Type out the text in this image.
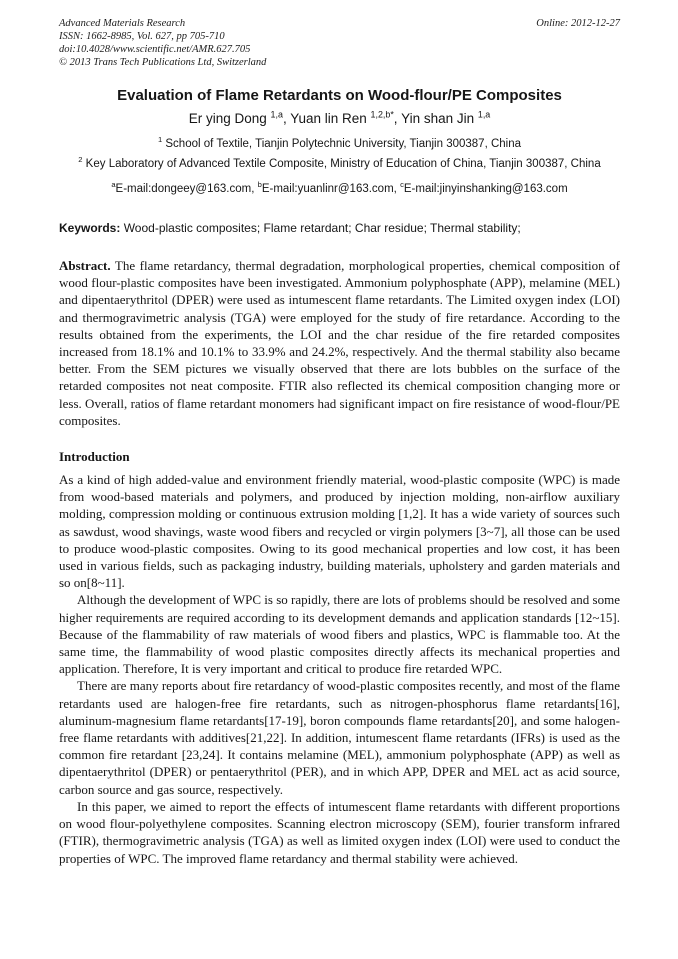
Advanced Materials Research
ISSN: 1662-8985, Vol. 627, pp 705-710
doi:10.4028/www.scientific.net/AMR.627.705
© 2013 Trans Tech Publications Ltd, Switzerland
Online: 2012-12-27
Evaluation of Flame Retardants on Wood-flour/PE Composites
Er ying Dong $^{1,a}$, Yuan lin Ren $^{1,2,b*}$, Yin shan Jin $^{1,a}$
$^1$ School of Textile, Tianjin Polytechnic University, Tianjin 300387, China
$^2$ Key Laboratory of Advanced Textile Composite, Ministry of Education of China, Tianjin 300387, China
$^a$E-mail:dongeey@163.com, $^b$E-mail:yuanlinr@163.com, $^c$E-mail:jinyinshanking@163.com
Keywords: Wood-plastic composites; Flame retardant; Char residue; Thermal stability;
Abstract. The flame retardancy, thermal degradation, morphological properties, chemical composition of wood flour-plastic composites have been investigated. Ammonium polyphosphate (APP), melamine (MEL) and dipentaerythritol (DPER) were used as intumescent flame retardants. The Limited oxygen index (LOI) and thermogravimetric analysis (TGA) were employed for the study of fire retardance. According to the results obtained from the experiments, the LOI and the char residue of the fire retarded composites increased from 18.1% and 10.1% to 33.9% and 24.2%, respectively. And the thermal stability also became better. From the SEM pictures we visually observed that there are lots bubbles on the surface of the retarded composites not neat composite. FTIR also reflected its chemical composition changing more or less. Overall, ratios of flame retardant monomers had significant impact on fire resistance of wood-flour/PE composites.
Introduction

As a kind of high added-value and environment friendly material, wood-plastic composite (WPC) is made from wood-based materials and polymers, and produced by injection molding, non-airflow auxiliary molding, compression molding or continuous extrusion molding [1,2]. It has a wide variety of sources such as sawdust, wood shavings, waste wood fibers and recycled or virgin polymers [3~7], all those can be used to produce wood-plastic composites. Owing to its good mechanical properties and low cost, it has been used in various fields, such as packaging industry, building materials, upholstery and garden materials and so on[8~11].

Although the development of WPC is so rapidly, there are lots of problems should be resolved and some higher requirements are required according to its development demands and application standards [12~15]. Because of the flammability of raw materials of wood fibers and plastics, WPC is flammable too. At the same time, the flammability of wood plastic composites directly affects its mechanical properties and application. Therefore, It is very important and critical to produce fire retarded WPC.

There are many reports about fire retardancy of wood-plastic composites recently, and most of the flame retardants used are halogen-free fire retardants, such as nitrogen-phosphorus flame retardants[16], aluminum-magnesium flame retardants[17-19], boron compounds flame retardants[20], and some halogen-free flame retardants with additives[21,22]. In addition, intumescent flame retardants (IFRs) is used as the common fire retardant [23,24]. It contains melamine (MEL), ammonium polyphosphate (APP) as well as dipentaerythritol (DPER) or pentaerythritol (PER), and in which APP, DPER and MEL act as acid source, carbon source and gas source, respectively.

In this paper, we aimed to report the effects of intumescent flame retardants with different proportions on wood flour-polyethylene composites. Scanning electron microscopy (SEM), fourier transform infrared (FTIR), thermogravimetric analysis (TGA) as well as limited oxygen index (LOI) were used to conduct the properties of WPC. The improved flame retardancy and thermal stability were achieved.
